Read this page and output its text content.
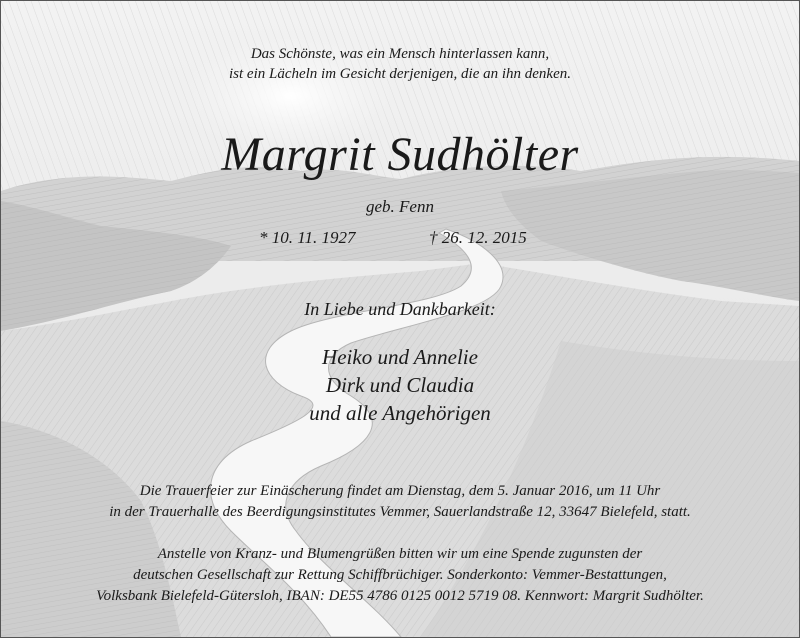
Das Schönste, was ein Mensch hinterlassen kann,
ist ein Lächeln im Gesicht derjenigen, die an ihn denken.
Margrit Sudhölter
geb. Fenn
* 10. 11. 1927	† 26. 12. 2015
In Liebe und Dankbarkeit:
Heiko und Annelie
Dirk und Claudia
und alle Angehörigen
Die Trauerfeier zur Einäscherung findet am Dienstag, dem 5. Januar 2016, um 11 Uhr
in der Trauerhalle des Beerdigungsinstitutes Vemmer, Sauerlandstraße 12, 33647 Bielefeld, statt.
Anstelle von Kranz- und Blumengrüßen bitten wir um eine Spende zugunsten der
deutschen Gesellschaft zur Rettung Schiffbrüchiger. Sonderkonto: Vemmer-Bestattungen,
Volksbank Bielefeld-Gütersloh, IBAN: DE55 4786 0125 0012 5719 08. Kennwort: Margrit Sudhölter.
